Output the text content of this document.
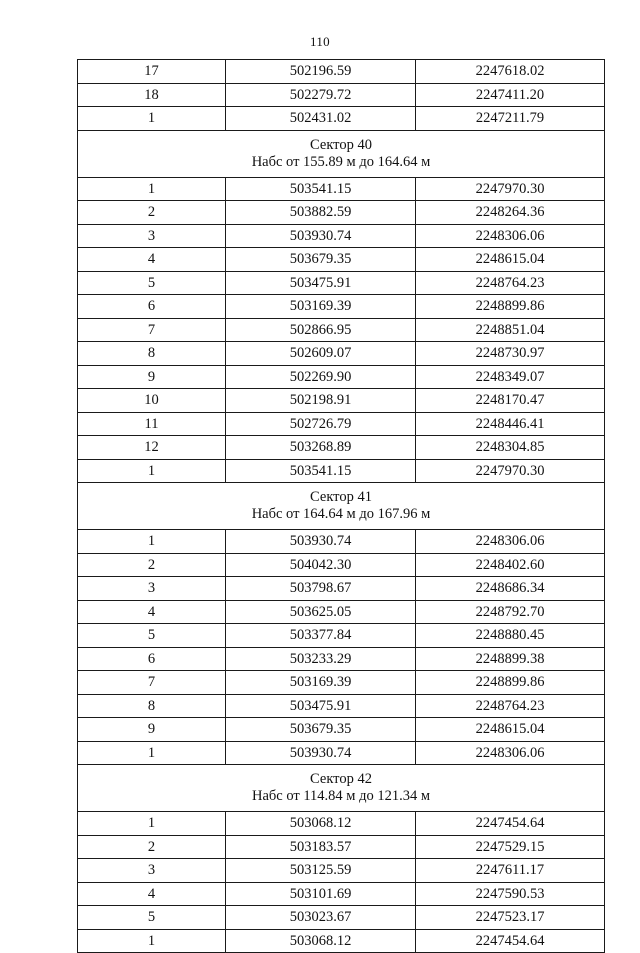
110
17	502196.59	2247618.02
18	502279.72	2247411.20
1	502431.02	2247211.79

Сектор 40
Набс от 155.89 м до 164.64 м		

1	503541.15	2247970.30
2	503882.59	2248264.36
3	503930.74	2248306.06
4	503679.35	2248615.04
5	503475.91	2248764.23
6	503169.39	2248899.86
7	502866.95	2248851.04
8	502609.07	2248730.97
9	502269.90	2248349.07
10	502198.91	2248170.47
11	502726.79	2248446.41
12	503268.89	2248304.85
1	503541.15	2247970.30

Сектор 41
Набс от 164.64 м до 167.96 м		

1	503930.74	2248306.06
2	504042.30	2248402.60
3	503798.67	2248686.34
4	503625.05	2248792.70
5	503377.84	2248880.45
6	503233.29	2248899.38
7	503169.39	2248899.86
8	503475.91	2248764.23
9	503679.35	2248615.04
1	503930.74	2248306.06

Сектор 42
Набс от 114.84 м до 121.34 м		

1	503068.12	2247454.64
2	503183.57	2247529.15
3	503125.59	2247611.17
4	503101.69	2247590.53
5	503023.67	2247523.17
1	503068.12	2247454.64
